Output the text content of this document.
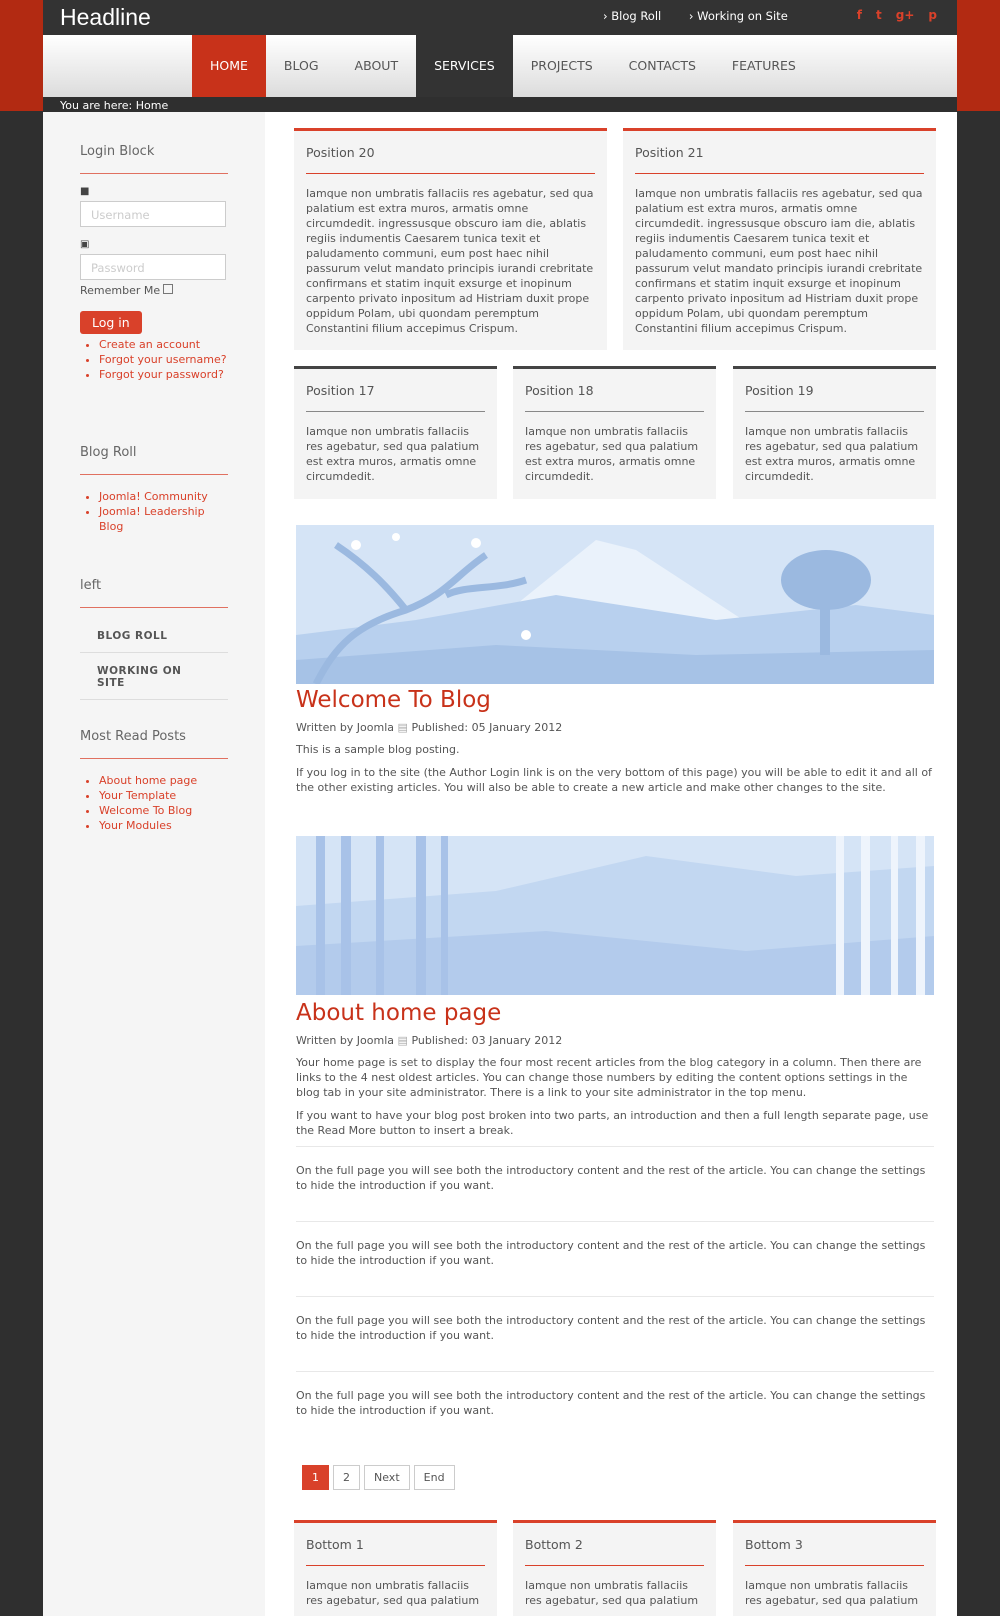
Headline	› Blog Roll › Working on Site	f t g+ p
HOME	BLOG	ABOUT	SERVICES	PROJECTS	CONTACTS	FEATURES
You are here: Home
Login Block
■
Username
▣
Password
Remember Me
Log in
• Create an account
• Forgot your username?
• Forgot your password?
Blog Roll
• Joomla! Community
• Joomla! Leadership Blog
left
BLOG ROLL
WORKING ON SITE
Most Read Posts
• About home page
• Your Template
• Welcome To Blog
• Your Modules
Position 20

Iamque non umbratis fallaciis res agebatur, sed qua palatium est extra muros, armatis omne circumdedit. ingressusque obscuro iam die, ablatis regiis indumentis Caesarem tunica texit et paludamento communi, eum post haec nihil passurum velut mandato principis iurandi crebritate confirmans et statim inquit exsurge et inopinum carpento privato inpositum ad Histriam duxit prope oppidum Polam, ubi quondam peremptum Constantini filium accepimus Crispum.

Position 21

Iamque non umbratis fallaciis res agebatur, sed qua palatium est extra muros, armatis omne circumdedit. ingressusque obscuro iam die, ablatis regiis indumentis Caesarem tunica texit et paludamento communi, eum post haec nihil passurum velut mandato principis iurandi crebritate confirmans et statim inquit exsurge et inopinum carpento privato inpositum ad Histriam duxit prope oppidum Polam, ubi quondam peremptum Constantini filium accepimus Crispum.

Position 17

Iamque non umbratis fallaciis res agebatur, sed qua palatium est extra muros, armatis omne circumdedit.

Position 18

Iamque non umbratis fallaciis res agebatur, sed qua palatium est extra muros, armatis omne circumdedit.

Position 19

Iamque non umbratis fallaciis res agebatur, sed qua palatium est extra muros, armatis omne circumdedit.

Welcome To Blog
Written by Joomla ▤ Published: 05 January 2012

This is a sample blog posting.

If you log in to the site (the Author Login link is on the very bottom of this page) you will be able to edit it and all of the other existing articles. You will also be able to create a new article and make other changes to the site.

About home page
Written by Joomla ▤ Published: 03 January 2012

Your home page is set to display the four most recent articles from the blog category in a column. Then there are links to the 4 nest oldest articles. You can change those numbers by editing the content options settings in the blog tab in your site administrator. There is a link to your site administrator in the top menu.

If you want to have your blog post broken into two parts, an introduction and then a full length separate page, use the Read More button to insert a break.

On the full page you will see both the introductory content and the rest of the article. You can change the settings to hide the introduction if you want.

On the full page you will see both the introductory content and the rest of the article. You can change the settings to hide the introduction if you want.

On the full page you will see both the introductory content and the rest of the article. You can change the settings to hide the introduction if you want.

On the full page you will see both the introductory content and the rest of the article. You can change the settings to hide the introduction if you want.

1	2	Next	End
Bottom 1

Iamque non umbratis fallaciis res agebatur, sed qua palatium

Bottom 2

Iamque non umbratis fallaciis res agebatur, sed qua palatium

Bottom 3

Iamque non umbratis fallaciis res agebatur, sed qua palatium
